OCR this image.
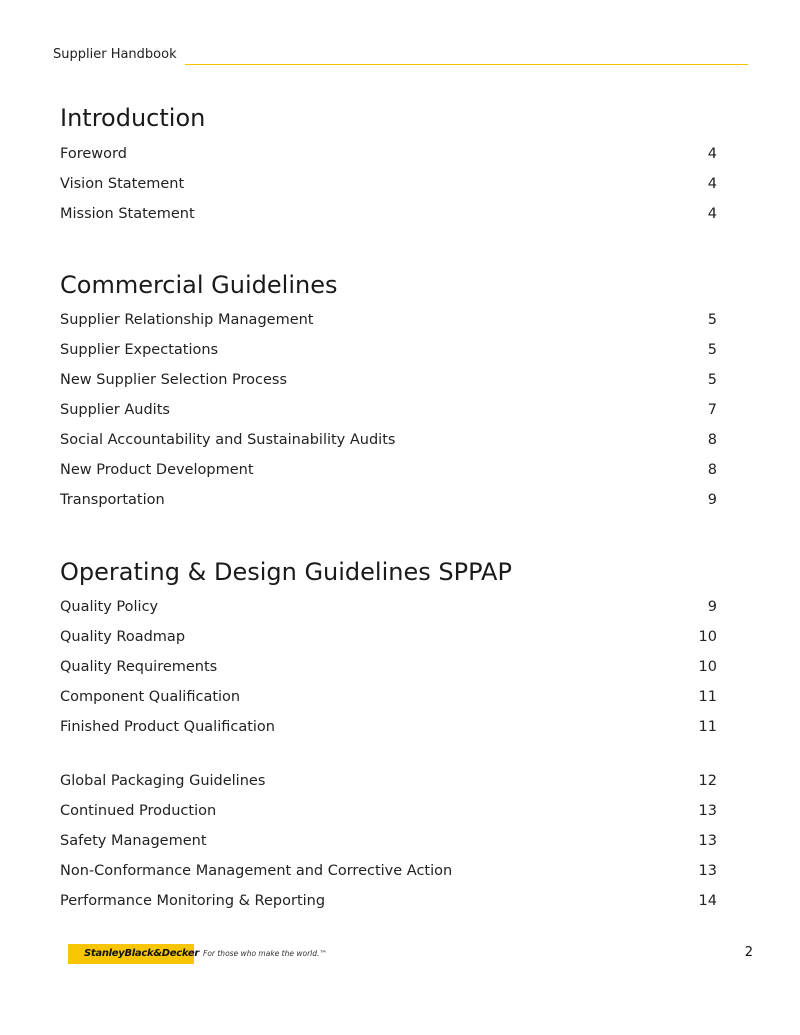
Supplier Handbook
Introduction
Foreword	4
Vision Statement	4
Mission Statement	4
Commercial Guidelines
Supplier Relationship Management	5
Supplier Expectations	5
New Supplier Selection Process	5
Supplier Audits	7
Social Accountability and Sustainability Audits	8
New Product Development	8
Transportation	9
Operating & Design Guidelines SPPAP
Quality Policy	9
Quality Roadmap	10
Quality Requirements	10
Component Qualification	11
Finished Product Qualification	11
Global Packaging Guidelines	12
Continued Production	13
Safety Management	13
Non-Conformance Management and Corrective Action	13
Performance Monitoring & Reporting	14
StanleyBlack&Decker For those who make the world.™	2
